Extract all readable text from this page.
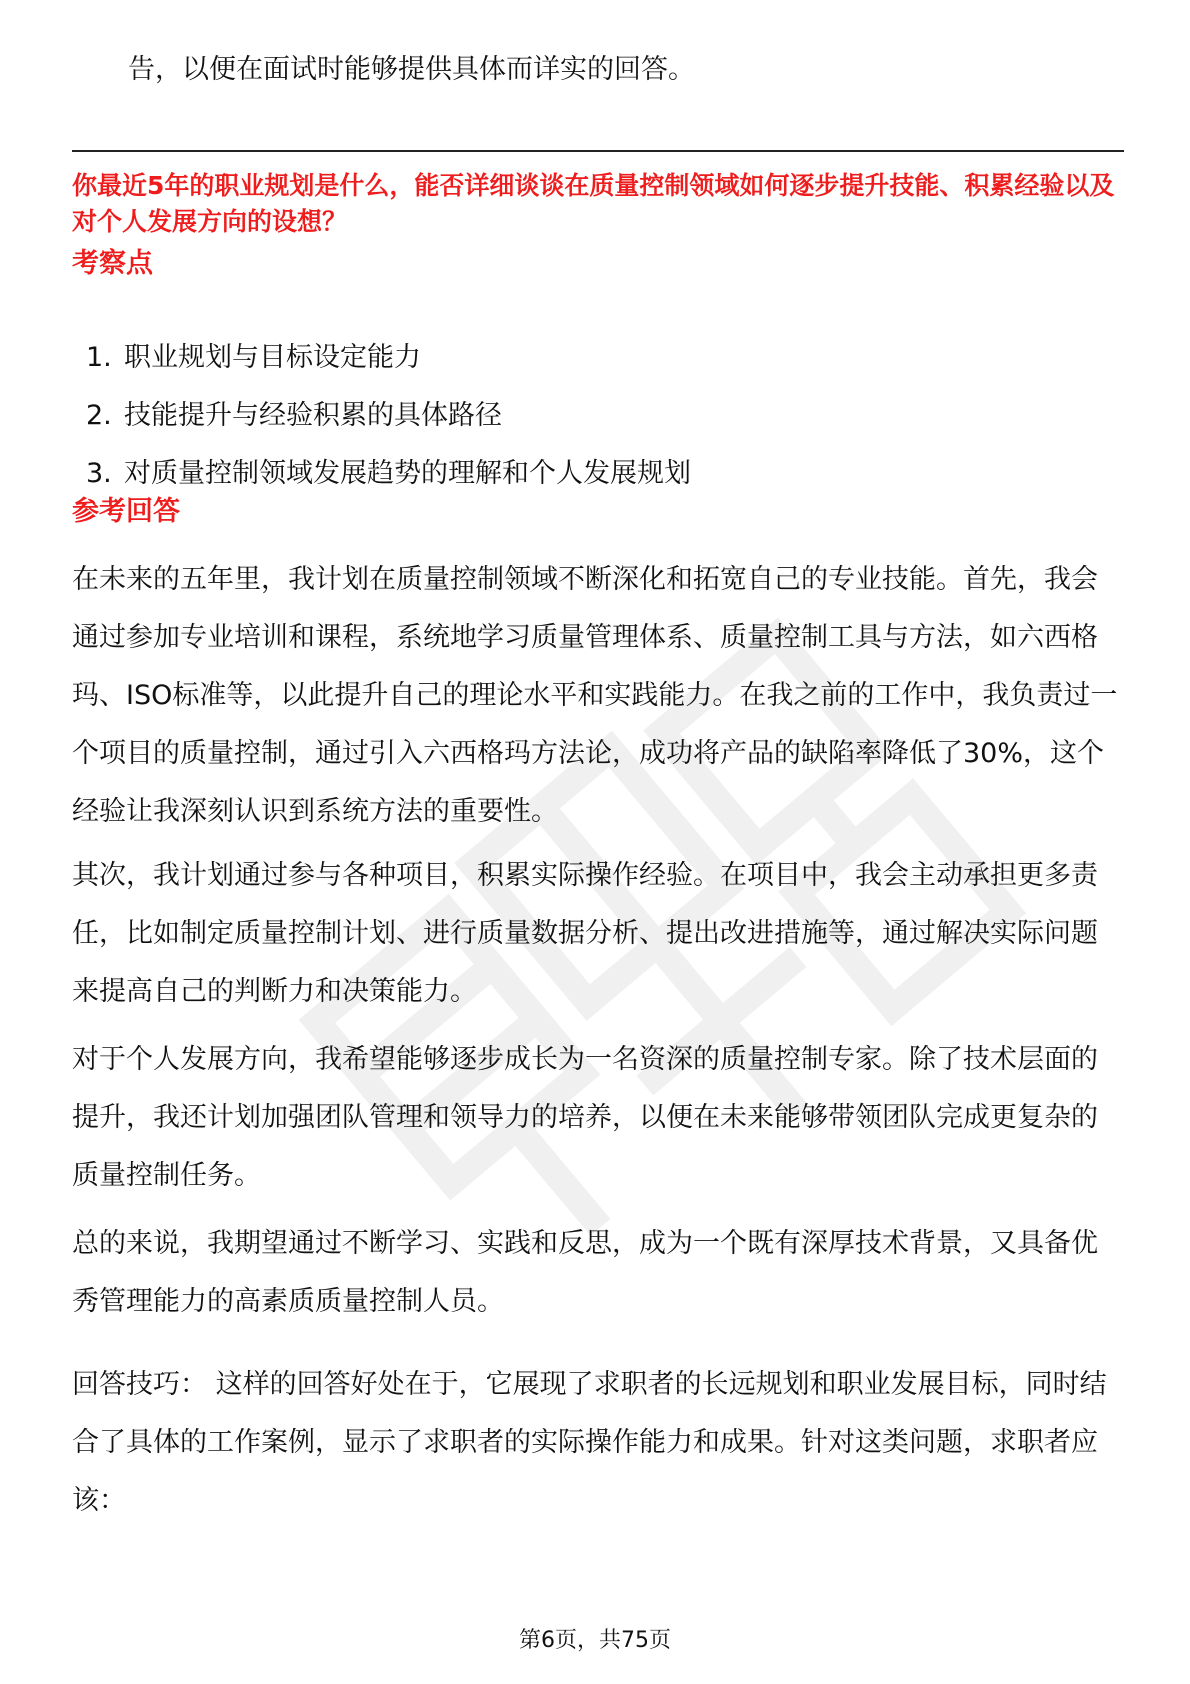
告，以便在面试时能够提供具体而详实的回答。
你最近5年的职业规划是什么，能否详细谈谈在质量控制领域如何逐步提升技能、积累经验以及对个人发展方向的设想？
考察点
1. 职业规划与目标设定能力
2. 技能提升与经验积累的具体路径
3. 对质量控制领域发展趋势的理解和个人发展规划
参考回答

在未来的五年里，我计划在质量控制领域不断深化和拓宽自己的专业技能。首先，我会通过参加专业培训和课程，系统地学习质量管理体系、质量控制工具与方法，如六西格玛、ISO标准等，以此提升自己的理论水平和实践能力。在我之前的工作中，我负责过一个项目的质量控制，通过引入六西格玛方法论，成功将产品的缺陷率降低了30%，这个经验让我深刻认识到系统方法的重要性。

其次，我计划通过参与各种项目，积累实际操作经验。在项目中，我会主动承担更多责任，比如制定质量控制计划、进行质量数据分析、提出改进措施等，通过解决实际问题来提高自己的判断力和决策能力。

对于个人发展方向，我希望能够逐步成长为一名资深的质量控制专家。除了技术层面的提升，我还计划加强团队管理和领导力的培养，以便在未来能够带领团队完成更复杂的质量控制任务。

总的来说，我期望通过不断学习、实践和反思，成为一个既有深厚技术背景，又具备优秀管理能力的高素质质量控制人员。

回答技巧： 这样的回答好处在于，它展现了求职者的长远规划和职业发展目标，同时结合了具体的工作案例，显示了求职者的实际操作能力和成果。针对这类问题，求职者应该：

第6页，共75页
